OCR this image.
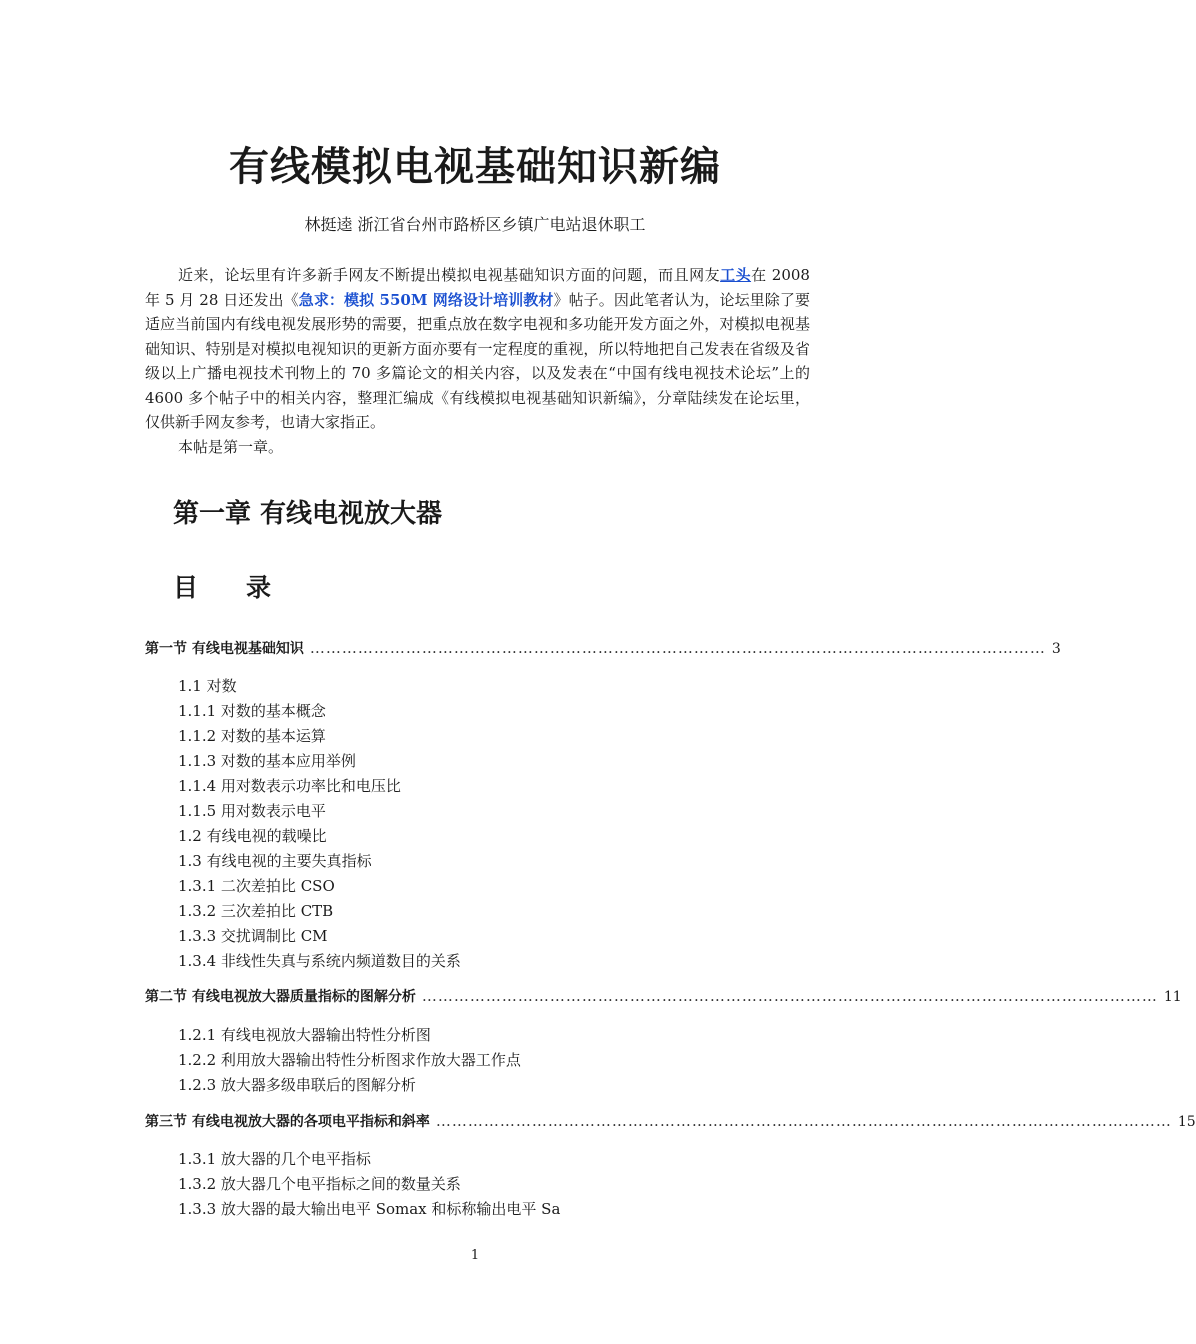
有线模拟电视基础知识新编
林挺逵 浙江省台州市路桥区乡镇广电站退休职工

近来，论坛里有许多新手网友不断提出模拟电视基础知识方面的问题，而且网友工头在 2008 年 5 月 28 日还发出《急求：模拟 550M 网络设计培训教材》帖子。因此笔者认为，论坛里除了要适应当前国内有线电视发展形势的需要，把重点放在数字电视和多功能开发方面之外，对模拟电视基础知识、特别是对模拟电视知识的更新方面亦要有一定程度的重视，所以特地把自己发表在省级及省级以上广播电视技术刊物上的 70 多篇论文的相关内容，以及发表在“中国有线电视技术论坛”上的 4600 多个帖子中的相关内容，整理汇编成《有线模拟电视基础知识新编》，分章陆续发在论坛里，仅供新手网友参考，也请大家指正。

本帖是第一章。

第一章 有线电视放大器
目 录
第一节 有线电视基础知识 ………………………………………………………………………………………………………………………… 3
1.1 对数
1.1.1 对数的基本概念
1.1.2 对数的基本运算
1.1.3 对数的基本应用举例
1.1.4 用对数表示功率比和电压比
1.1.5 用对数表示电平
1.2 有线电视的载噪比
1.3 有线电视的主要失真指标
1.3.1 二次差拍比 CSO
1.3.2 三次差拍比 CTB
1.3.3 交扰调制比 CM
1.3.4 非线性失真与系统内频道数目的关系
第二节 有线电视放大器质量指标的图解分析 ………………………………………………………………………………………………………………………… 11
1.2.1 有线电视放大器输出特性分析图
1.2.2 利用放大器输出特性分析图求作放大器工作点
1.2.3 放大器多级串联后的图解分析
第三节 有线电视放大器的各项电平指标和斜率 ………………………………………………………………………………………………………………………… 15
1.3.1 放大器的几个电平指标
1.3.2 放大器几个电平指标之间的数量关系
1.3.3 放大器的最大输出电平 Somax 和标称输出电平 Sa
1
